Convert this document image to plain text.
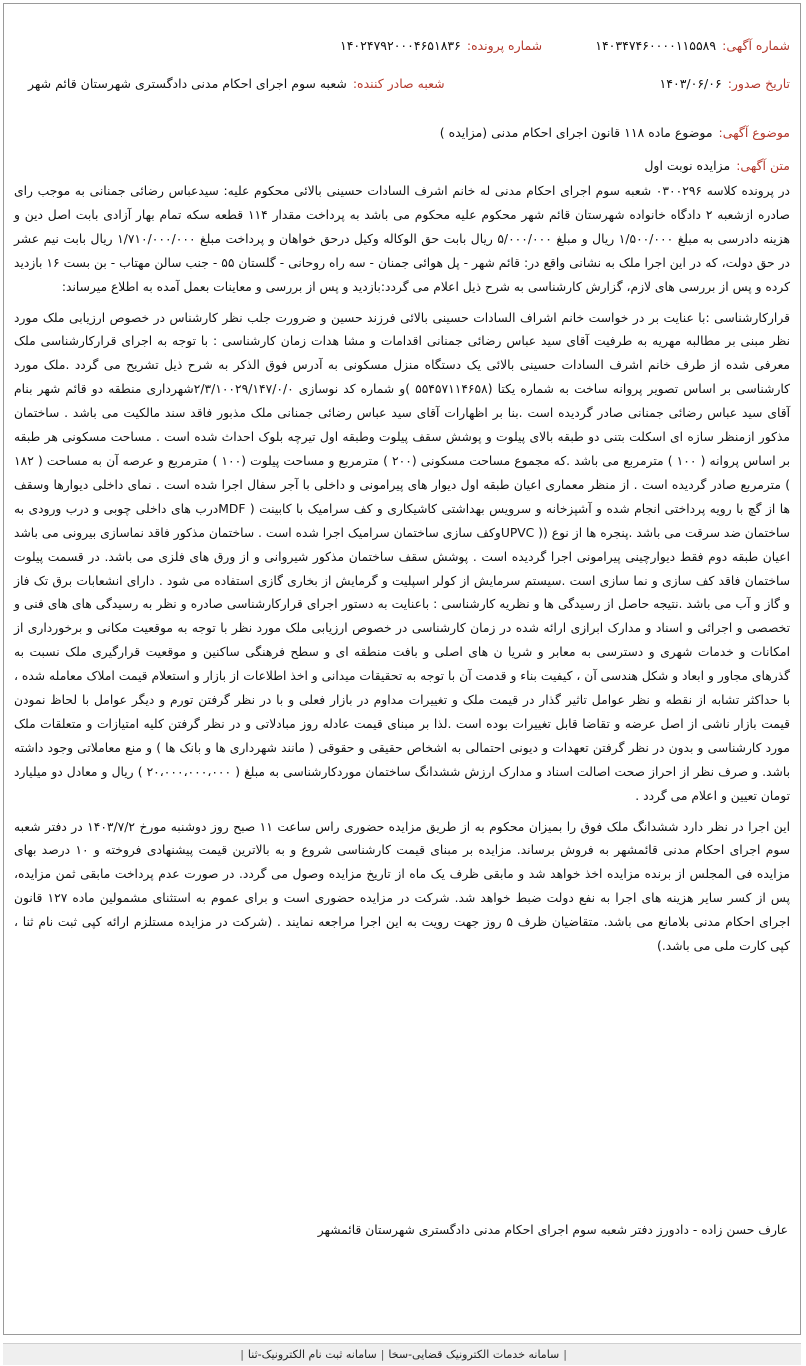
شماره آگهی:۱۴۰۳۴۷۴۶۰۰۰۰۱۱۵۵۸۹
شماره پرونده:۱۴۰۲۴۷۹۲۰۰۰۴۶۵۱۸۳۶
تاریخ صدور:۱۴۰۳/۰۶/۰۶
شعبه صادر کننده:شعبه سوم اجرای احکام مدنی دادگستری شهرستان قائم شهر
موضوع آگهی:موضوع ماده ۱۱۸ قانون اجرای احکام مدنی (مزایده )
متن آگهی:مزایده نوبت اول

در پرونده کلاسه ۰۳۰۰۲۹۶ شعبه سوم اجرای احکام مدنی له خانم اشرف السادات حسینی بالائی محکوم علیه: سیدعباس رضائی جمنانی به موجب رای صادره ازشعبه ۲ دادگاه خانواده شهرستان قائم شهر محکوم علیه محکوم می باشد به پرداخت مقدار ۱۱۴ قطعه سکه تمام بهار آزادی بابت اصل دین و هزینه دادرسی به مبلغ ۱/۵۰۰/۰۰۰ ریال و مبلغ ۵/۰۰۰/۰۰۰ ریال بابت حق الوکاله وکیل درحق خواهان و پرداخت مبلغ ۱/۷۱۰/۰۰۰/۰۰۰ ریال بابت نیم عشر در حق دولت، که در این اجرا ملک به نشانی واقع در: قائم شهر - پل هوائی جمنان - سه راه روحانی - گلستان ۵۵ - جنب سالن مهتاب - بن بست ۱۶ بازدید کرده و پس از بررسی های لازم، گزارش کارشناسی به شرح ذیل اعلام می گردد:بازدید و پس از بررسی و معاینات بعمل آمده به اطلاع میرساند:

قرارکارشناسی :با عنایت بر در خواست خانم اشراف السادات حسینی بالائی فرزند حسین و ضرورت جلب نظر کارشناس در خصوص ارزیابی ملک مورد نظر مبنی بر مطالبه مهریه به طرفیت آقای سید عباس رضائی جمنانی اقدامات و مشا هدات زمان کارشناسی : با توجه به اجرای قرارکارشناسی ملک معرفی شده از طرف خانم اشرف السادات حسینی بالائی یک دستگاه منزل مسکونی به آدرس فوق الذکر به شرح ذیل تشریح می گردد .ملک مورد کارشناسی بر اساس تصویر پروانه ساخت به شماره یکتا (۵۵۴۵۷۱۱۴۶۵۸ )و شماره کد نوسازی ۲/۳/۱۰۰۲۹/۱۴۷/۰/۰شهرداری منطقه دو قائم شهر بنام آقای سید عباس رضائی جمنانی صادر گردیده است .بنا بر اظهارات آقای سید عباس رضائی جمنانی ملک مذبور فاقد سند مالکیت می باشد . ساختمان مذکور ازمنظر سازه ای اسکلت بتنی دو طبقه بالای پیلوت و پوشش سقف پیلوت وطبقه اول تیرچه بلوک احداث شده است . مساحت مسکونی هر طبقه بر اساس پروانه ( ۱۰۰ ) مترمربع می باشد .که مجموع مساحت مسکونی (۲۰۰ ) مترمربع و مساحت پیلوت (۱۰۰ ) مترمربع و عرصه آن به مساحت ( ۱۸۲ ) مترمربع صادر گردیده است . از منظر معماری اعیان طبقه اول دیوار های پیرامونی و داخلی با آجر سفال اجرا شده است . نمای داخلی دیوارها وسقف ها از گچ با رویه پرداختی انجام شده و آشپزخانه و سرویس بهداشتی کاشیکاری و کف سرامیک با کابینت ( MDFدرب های داخلی چوبی و درب ورودی به ساختمان ضد سرقت می باشد .پنجره ها از نوع (( UPVCوکف سازی ساختمان سرامیک اجرا شده است . ساختمان مذکور فاقد نماسازی بیرونی می باشد اعیان طبقه دوم فقط دیوارچینی پیرامونی اجرا گردیده است . پوشش سقف ساختمان مذکور شیروانی و از ورق های فلزی می باشد. در قسمت پیلوت ساختمان فاقد کف سازی و نما سازی است .سیستم سرمایش از کولر اسپلیت و گرمایش از بخاری گازی استفاده می شود . دارای انشعابات برق تک فاز و گاز و آب می باشد .نتیجه حاصل از رسیدگی ها و نظریه کارشناسی : باعنایت به دستور اجرای قرارکارشناسی صادره و نظر به رسیدگی های های فنی و تخصصی و اجرائی و اسناد و مدارک ابرازی ارائه شده در زمان کارشناسی در خصوص ارزیابی ملک مورد نظر با توجه به موقعیت مکانی و برخورداری از امکانات و خدمات شهری و دسترسی به معابر و شریا ن های اصلی و بافت منطقه ای و سطح فرهنگی ساکنین و موقعیت قرارگیری ملک نسبت به گذرهای مجاور و ابعاد و شکل هندسی آن ، کیفیت بناء و قدمت آن با توجه به تحقیقات میدانی و اخذ اطلاعات از بازار و استعلام قیمت املاک معامله شده ، با حداکثر تشابه از نقطه و نظر عوامل تاثیر گذار در قیمت ملک و تغییرات مداوم در بازار فعلی و با در نظر گرفتن تورم و دیگر عوامل با لحاظ نمودن قیمت بازار ناشی از اصل عرضه و تقاضا قابل تغییرات بوده است .لذا بر مبنای قیمت عادله روز مبادلاتی و در نظر گرفتن کلیه امتیازات و متعلقات ملک مورد کارشناسی و بدون در نظر گرفتن تعهدات و دیونی احتمالی به اشخاص حقیقی و حقوقی ( مانند شهرداری ها و بانک ها ) و منع معاملاتی وجود داشته باشد. و صرف نظر از احراز صحت اصالت اسناد و مدارک ارزش ششدانگ ساختمان موردکارشناسی به مبلغ ( ۲۰،۰۰۰،۰۰۰،۰۰۰ ) ریال و معادل دو میلیارد تومان تعیین و اعلام می گردد .

این اجرا در نظر دارد ششدانگ ملک فوق را بمیزان محکوم به از طریق مزایده حضوری راس ساعت ۱۱ صبح روز دوشنبه مورخ ۱۴۰۳/۷/۲ در دفتر شعبه سوم اجرای احکام مدنی قائمشهر به فروش برساند. مزایده بر مبنای قیمت کارشناسی شروع و به بالاترین قیمت پیشنهادی فروخته و ۱۰ درصد بهای مزایده فی المجلس از برنده مزایده اخذ خواهد شد و مابقی ظرف یک ماه از تاریخ مزایده وصول می گردد. در صورت عدم پرداخت مابقی ثمن مزایده، پس از کسر سایر هزینه های اجرا به نفع دولت ضبط خواهد شد. شرکت در مزایده حضوری است و برای عموم به استثنای مشمولین ماده ۱۲۷ قانون اجرای احکام مدنی بلامانع می باشد. متقاضیان ظرف ۵ روز جهت رویت به این اجرا مراجعه نمایند . (شرکت در مزایده مستلزم ارائه کپی ثبت نام ثنا ، کپی کارت ملی می باشد.)

عارف حسن زاده - دادورز دفتر شعبه سوم اجرای احکام مدنی دادگستری شهرستان قائمشهر
|سامانه خدمات الکترونیک قضایی-سخا|سامانه ثبت نام الکترونیک-ثنا|
